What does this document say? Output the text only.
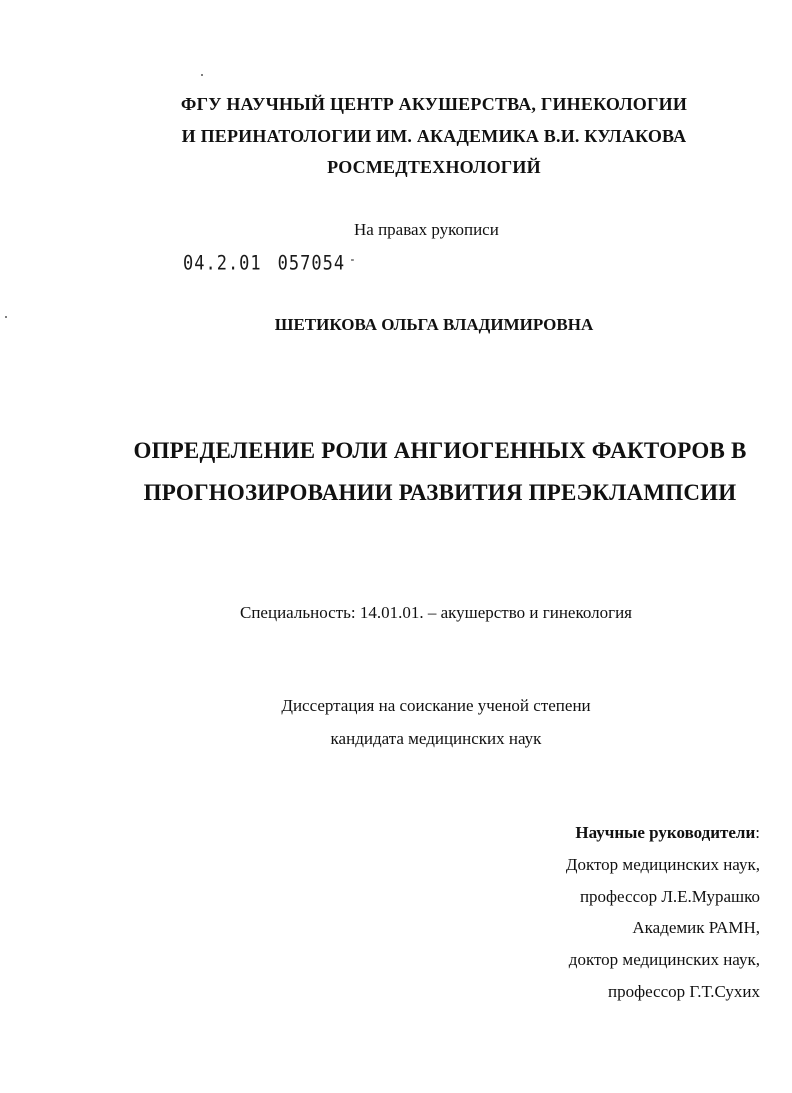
ФГУ НАУЧНЫЙ ЦЕНТР АКУШЕРСТВА, ГИНЕКОЛОГИИ
И ПЕРИНАТОЛОГИИ ИМ. АКАДЕМИКА В.И. КУЛАКОВА
РОСМЕДТЕХНОЛОГИЙ
На правах рукописи
04.2.01 057054 -
ШЕТИКОВА ОЛЬГА ВЛАДИМИРОВНА
ОПРЕДЕЛЕНИЕ РОЛИ АНГИОГЕННЫХ ФАКТОРОВ В
ПРОГНОЗИРОВАНИИ РАЗВИТИЯ ПРЕЭКЛАМПСИИ
Специальность: 14.01.01. – акушерство и гинекология
Диссертация на соискание ученой степени
кандидата медицинских наук
Научные руководители:
Доктор медицинских наук,
профессор Л.Е.Мурашко
Академик РАМН,
доктор медицинских наук,
профессор Г.Т.Сухих
